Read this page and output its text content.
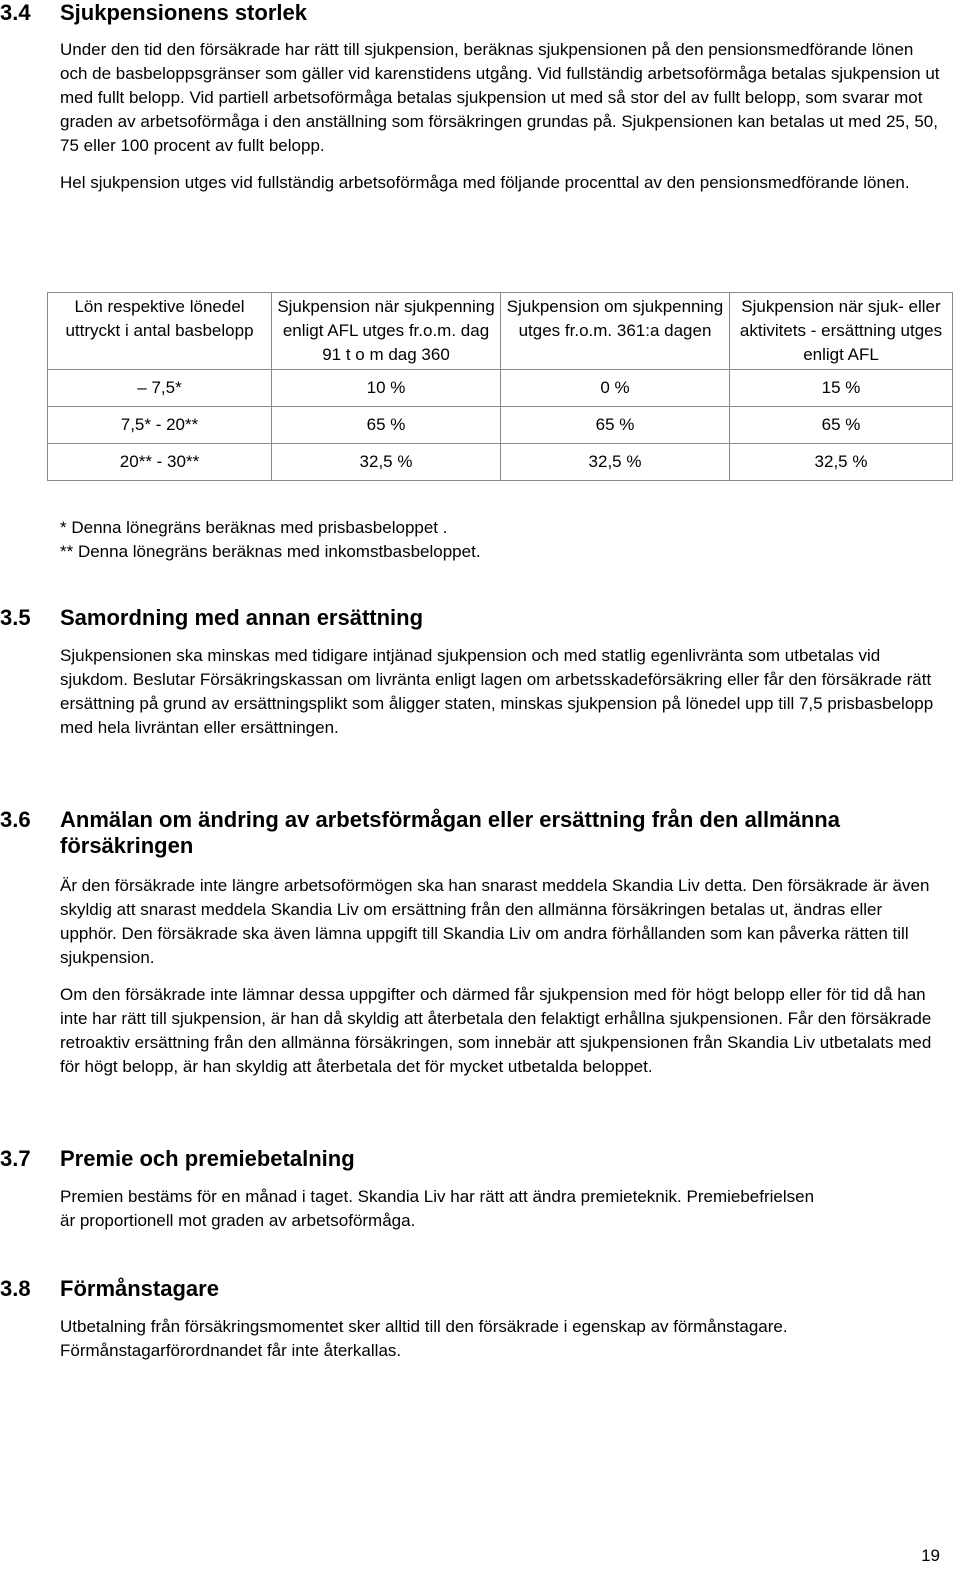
3.4 Sjukpensionens storlek

Under den tid den försäkrade har rätt till sjukpension, beräknas sjukpensionen på den pensionsmedförande lönen och de basbeloppsgränser som gäller vid karenstidens utgång. Vid fullständig arbetsoförmåga betalas sjukpension ut med fullt belopp. Vid partiell arbetsoförmåga betalas sjukpension ut med så stor del av fullt belopp, som svarar mot graden av arbetsoförmåga i den anställning som försäkringen grundas på. Sjukpensionen kan betalas ut med 25, 50, 75 eller 100 procent av fullt belopp.

Hel sjukpension utges vid fullständig arbetsoförmåga med följande procenttal av den pensionsmedförande lönen.

Lön respektive lönedel uttryckt i antal basbelopp	Sjukpension när sjukpenning enligt AFL utges fr.o.m. dag 91 t o m dag 360	Sjukpension om sjukpenning utges fr.o.m. 361:a dagen	Sjukpension när sjuk- eller aktivitets - ersättning utges enligt AFL
– 7,5*	10 %	0 %	15 %
7,5* - 20**	65 %	65 %	65 %
20** - 30**	32,5 %	32,5 %	32,5 %
* Denna lönegräns beräknas med prisbasbeloppet .
** Denna lönegräns beräknas med inkomstbasbeloppet.
3.5 Samordning med annan ersättning

Sjukpensionen ska minskas med tidigare intjänad sjukpension och med statlig egenlivränta som utbetalas vid sjukdom. Beslutar Försäkringskassan om livränta enligt lagen om arbetsskadeförsäkring eller får den försäkrade rätt ersättning på grund av ersättningsplikt som åligger staten, minskas sjukpension på lönedel upp till 7,5 prisbasbelopp med hela livräntan eller ersättningen.

3.6 Anmälan om ändring av arbetsförmågan eller ersättning från den allmänna försäkringen

Är den försäkrade inte längre arbetsoförmögen ska han snarast meddela Skandia Liv detta. Den försäkrade är även skyldig att snarast meddela Skandia Liv om ersättning från den allmänna försäkringen betalas ut, ändras eller upphör. Den försäkrade ska även lämna uppgift till Skandia Liv om andra förhållanden som kan påverka rätten till sjukpension.

Om den försäkrade inte lämnar dessa uppgifter och därmed får sjukpension med för högt belopp eller för tid då han inte har rätt till sjukpension, är han då skyldig att återbetala den felaktigt erhållna sjukpensionen. Får den försäkrade retroaktiv ersättning från den allmänna försäkringen, som innebär att sjukpensionen från Skandia Liv utbetalats med för högt belopp, är han skyldig att återbetala det för mycket utbetalda beloppet.

3.7 Premie och premiebetalning

Premien bestäms för en månad i taget. Skandia Liv har rätt att ändra premieteknik. Premiebefrielsen är proportionell mot graden av arbetsoförmåga.

3.8 Förmånstagare

Utbetalning från försäkringsmomentet sker alltid till den försäkrade i egenskap av förmånstagare. Förmånstagarförordnandet får inte återkallas.

19
